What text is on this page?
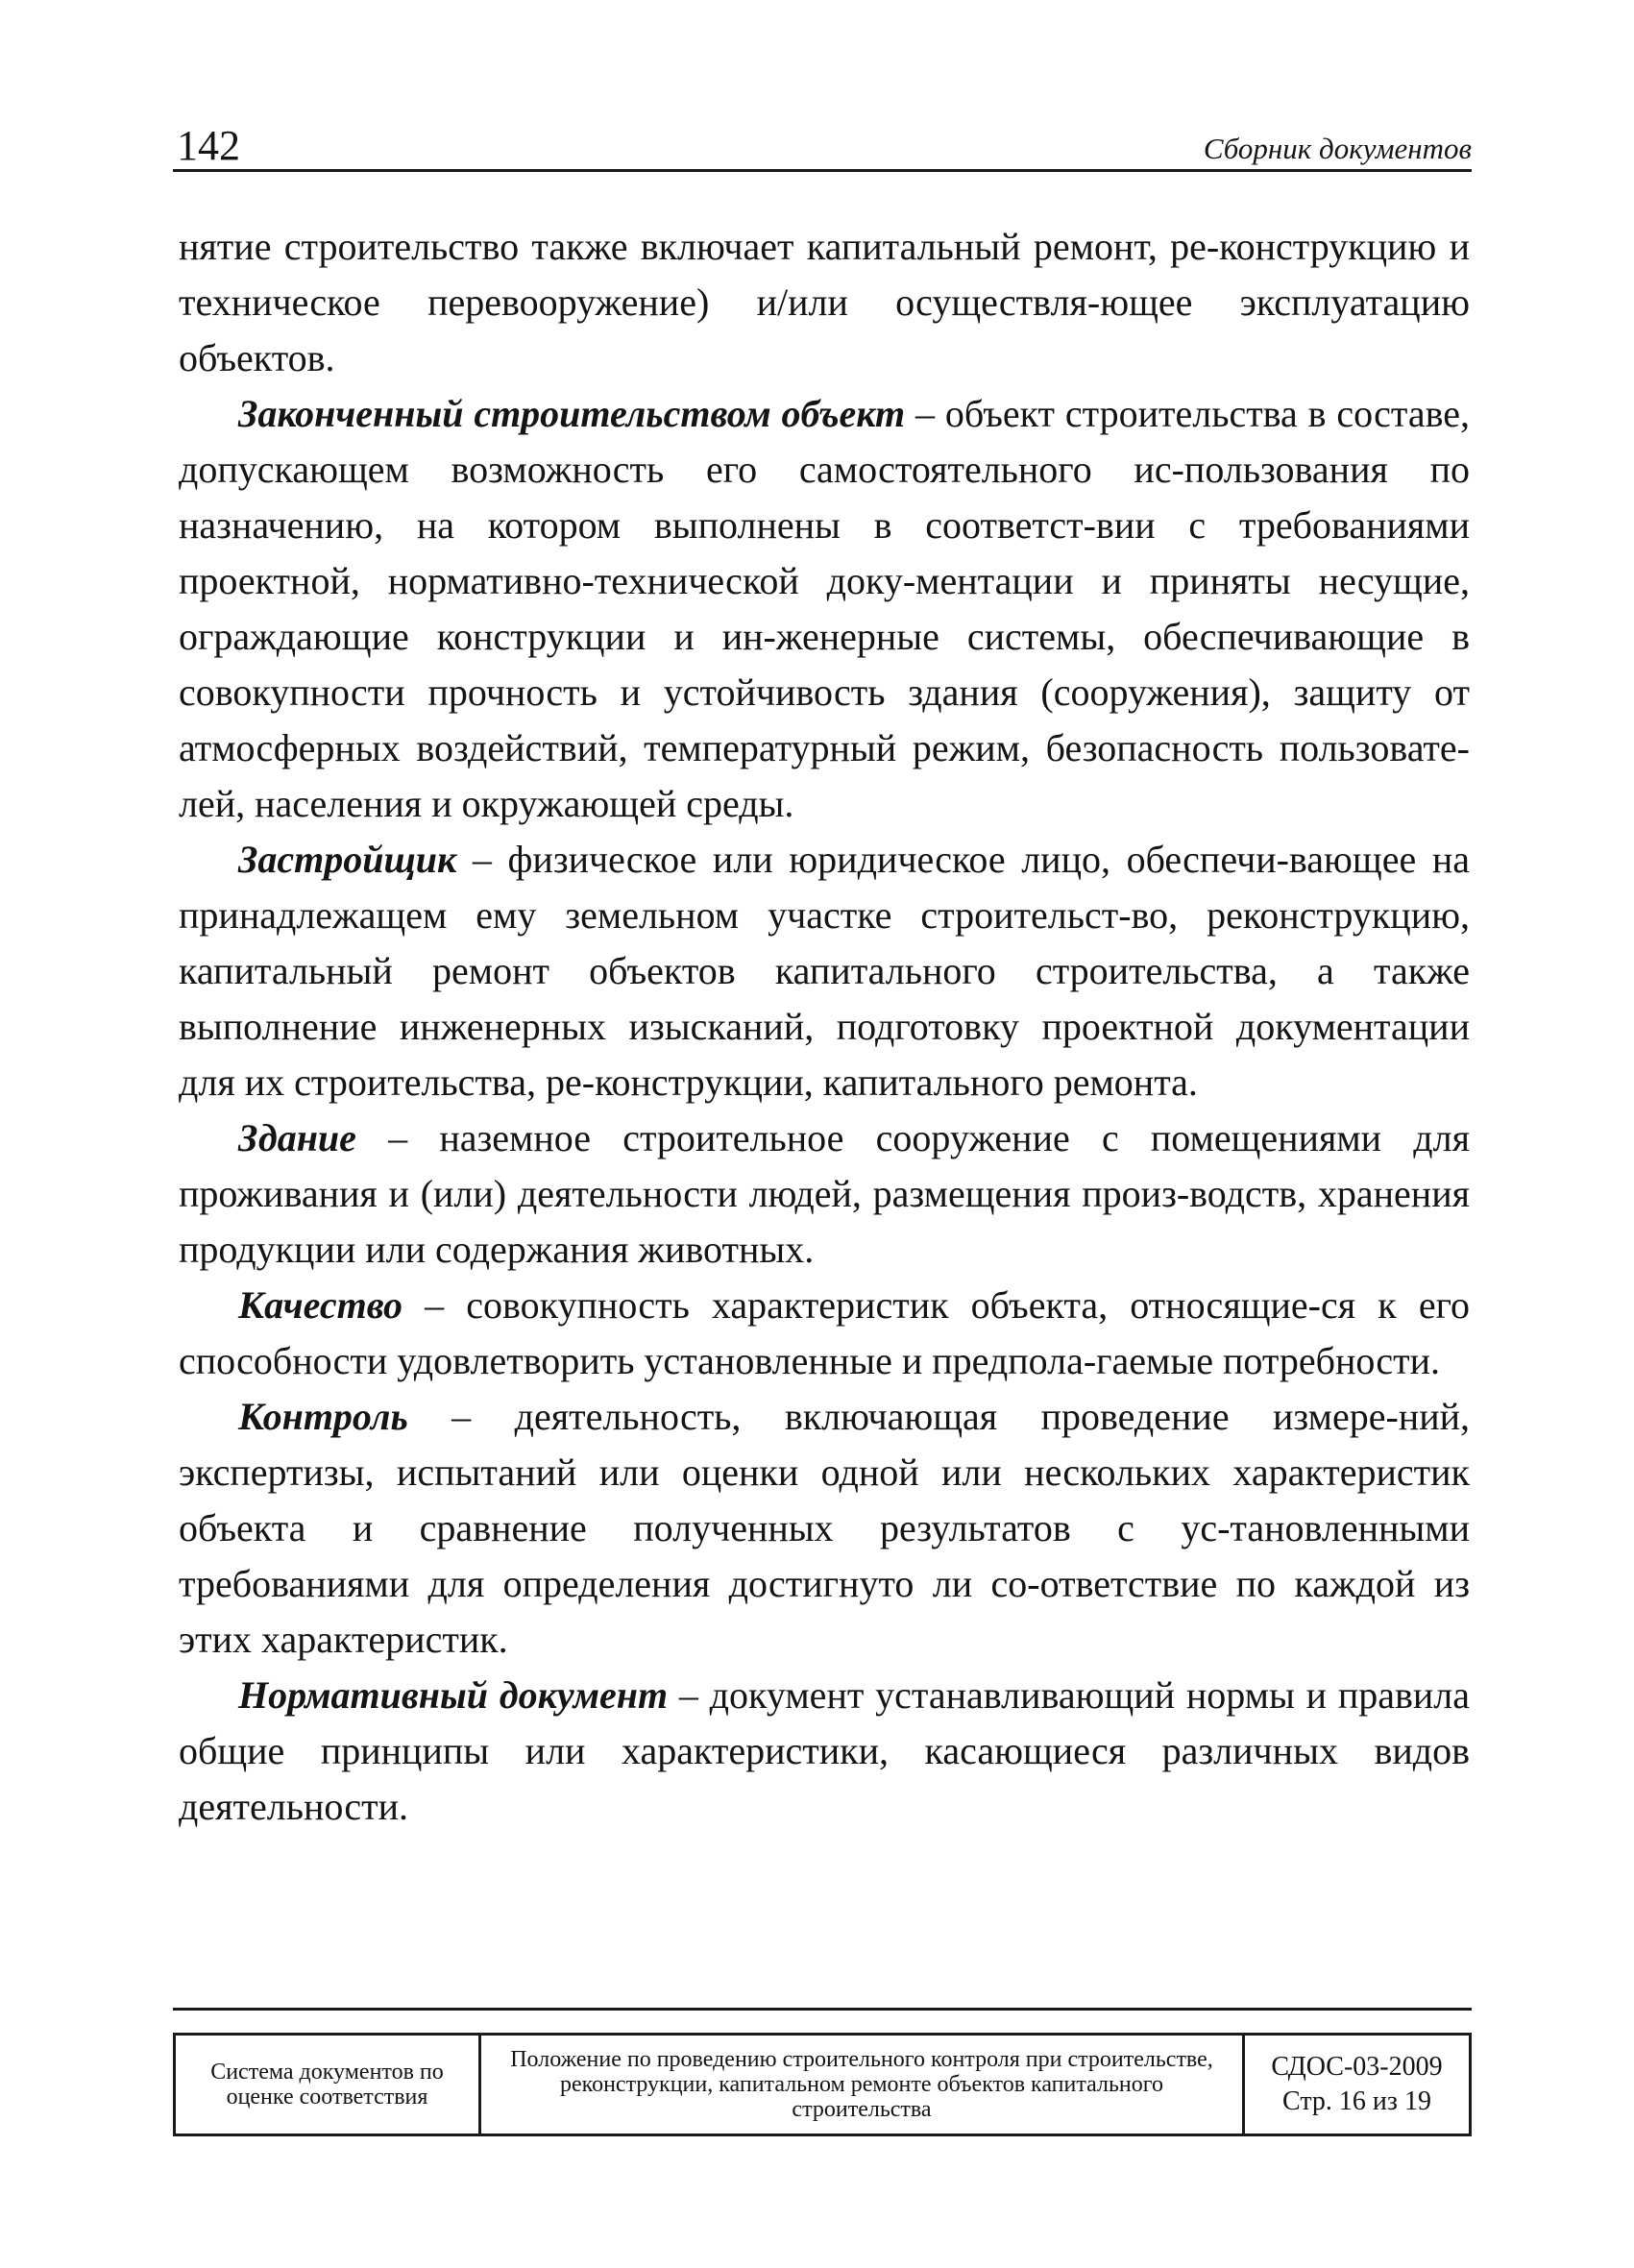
142	Сборник документов

нятие строительство также включает капитальный ремонт, ре-конструкцию и техническое перевооружение) и/или осуществля-ющее эксплуатацию объектов.

Законченный строительством объект – объект строительства в составе, допускающем возможность его самостоятельного ис-пользования по назначению, на котором выполнены в соответст-вии с требованиями проектной, нормативно-технической доку-ментации и приняты несущие, ограждающие конструкции и ин-женерные системы, обеспечивающие в совокупности прочность и устойчивость здания (сооружения), защиту от атмосферных воздействий, температурный режим, безопасность пользовате-лей, населения и окружающей среды.

Застройщик – физическое или юридическое лицо, обеспечи-вающее на принадлежащем ему земельном участке строительст-во, реконструкцию, капитальный ремонт объектов капитального строительства, а также выполнение инженерных изысканий, подготовку проектной документации для их строительства, ре-конструкции, капитального ремонта.

Здание – наземное строительное сооружение с помещениями для проживания и (или) деятельности людей, размещения произ-водств, хранения продукции или содержания животных.

Качество – совокупность характеристик объекта, относящие-ся к его способности удовлетворить установленные и предпола-гаемые потребности.

Контроль – деятельность, включающая проведение измере-ний, экспертизы, испытаний или оценки одной или нескольких характеристик объекта и сравнение полученных результатов с ус-тановленными требованиями для определения достигнуто ли со-ответствие по каждой из этих характеристик.

Нормативный документ – документ устанавливающий нормы и правила общие принципы или характеристики, касающиеся различных видов деятельности.

Система документов по оценке соответствия
Положение по проведению строительного контроля при строительстве, реконструкции, капитальном ремонте объектов капитального строительства
СДОС-03-2009
Стр. 16 из 19
